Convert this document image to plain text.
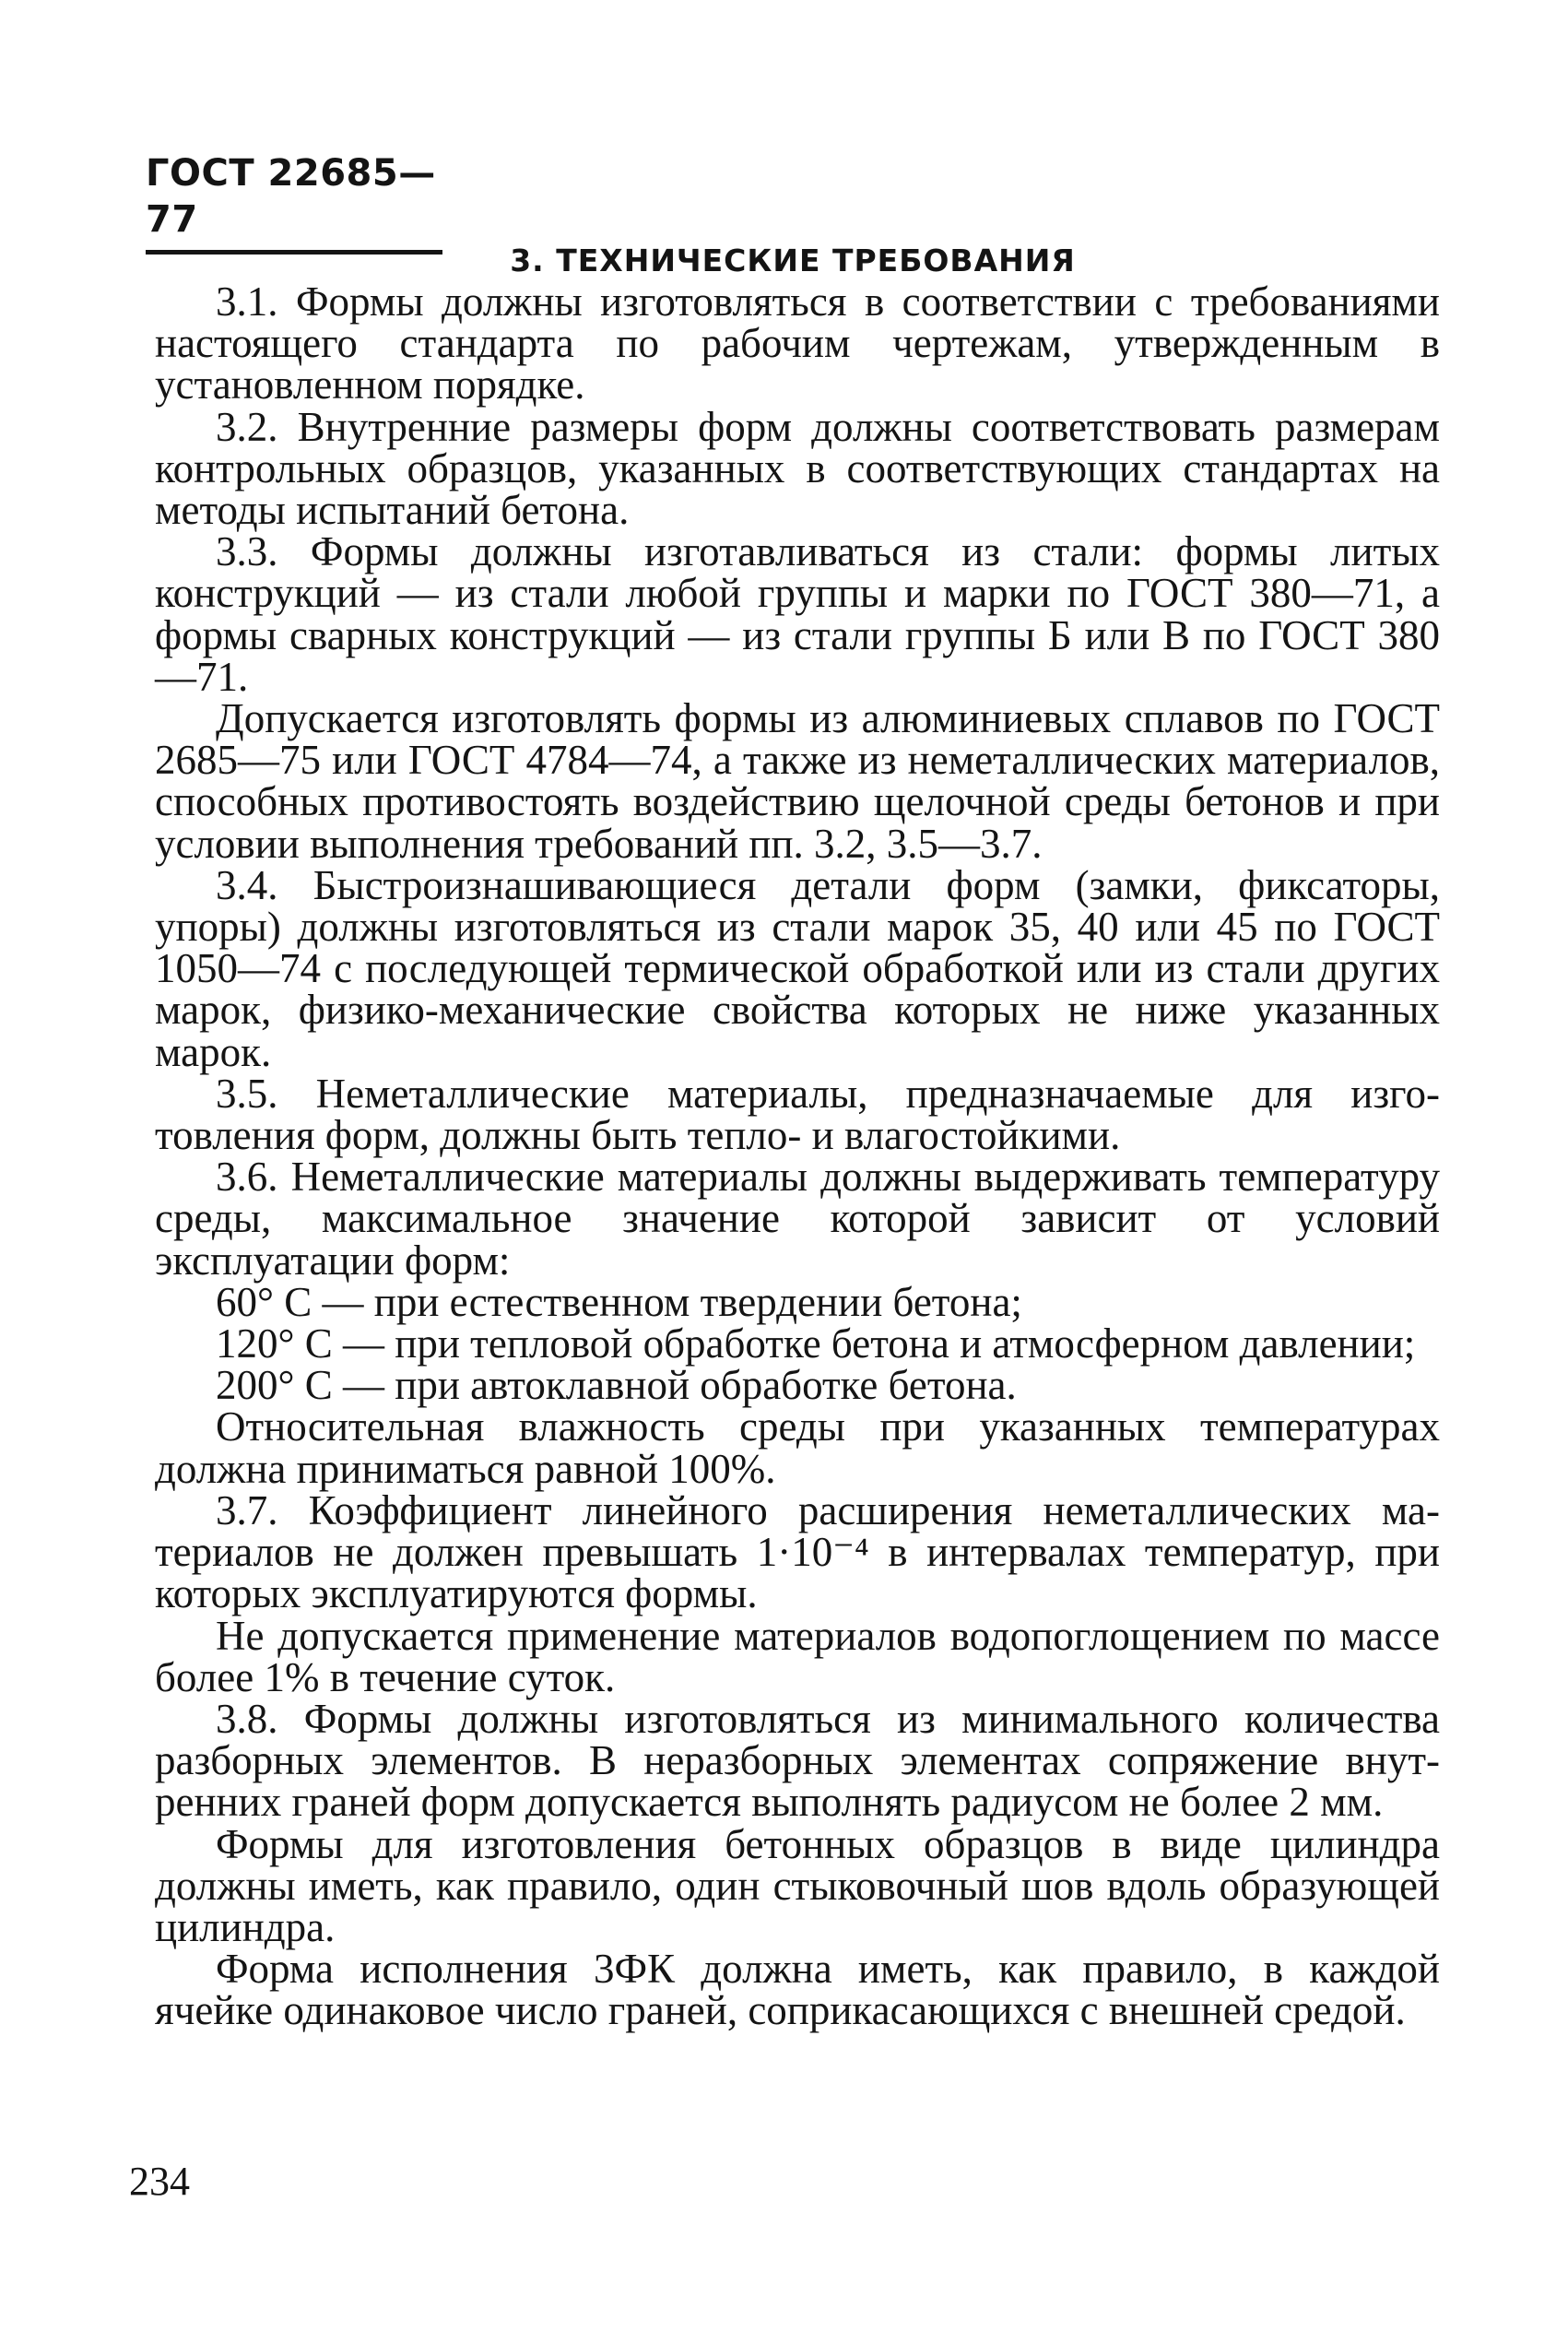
ГОСТ 22685—77
3. ТЕХНИЧЕСКИЕ ТРЕБОВАНИЯ

3.1. Формы должны изготовляться в соответствии с требованиями настоящего стандарта по рабочим чертежам, утвержденным в установленном порядке.

3.2. Внутренние размеры форм должны соответствовать размерам контрольных образцов, указанных в соответствующих стандартах на методы испытаний бетона.

3.3. Формы должны изготавливаться из стали: формы литых конструкций — из стали любой группы и марки по ГОСТ 380—71, а формы сварных конструкций — из стали группы Б или В по ГОСТ 380—71.

Допускается изготовлять формы из алюминиевых сплавов по ГОСТ 2685—75 или ГОСТ 4784—74, а также из неметаллических материалов, способных противостоять воздействию щелочной среды бетонов и при условии выполнения требований пп. 3.2, 3.5—3.7.

3.4. Быстроизнашивающиеся детали форм (замки, фиксаторы, упоры) должны изготовляться из стали марок 35, 40 или 45 по ГОСТ 1050—74 с последующей термической обработкой или из стали других марок, физико-механические свойства которых не ниже указанных марок.

3.5. Неметаллические материалы, предназначаемые для изготовления форм, должны быть тепло- и влагостойкими.

3.6. Неметаллические материалы должны выдерживать температуру среды, максимальное значение которой зависит от условий эксплуатации форм:

60° С — при естественном твердении бетона;

120° С — при тепловой обработке бетона и атмосферном давлении;

200° С — при автоклавной обработке бетона.

Относительная влажность среды при указанных температурах должна приниматься равной 100%.

3.7. Коэффициент линейного расширения неметаллических материалов не должен превышать 1·10⁻⁴ в интервалах температур, при которых эксплуатируются формы.

Не допускается применение материалов водопоглощением по массе более 1% в течение суток.

3.8. Формы должны изготовляться из минимального количества разборных элементов. В неразборных элементах сопряжение внутренних граней форм допускается выполнять радиусом не более 2 мм.

Формы для изготовления бетонных образцов в виде цилиндра должны иметь, как правило, один стыковочный шов вдоль образующей цилиндра.

Форма исполнения 3ФК должна иметь, как правило, в каждой ячейке одинаковое число граней, соприкасающихся с внешней средой.

234
